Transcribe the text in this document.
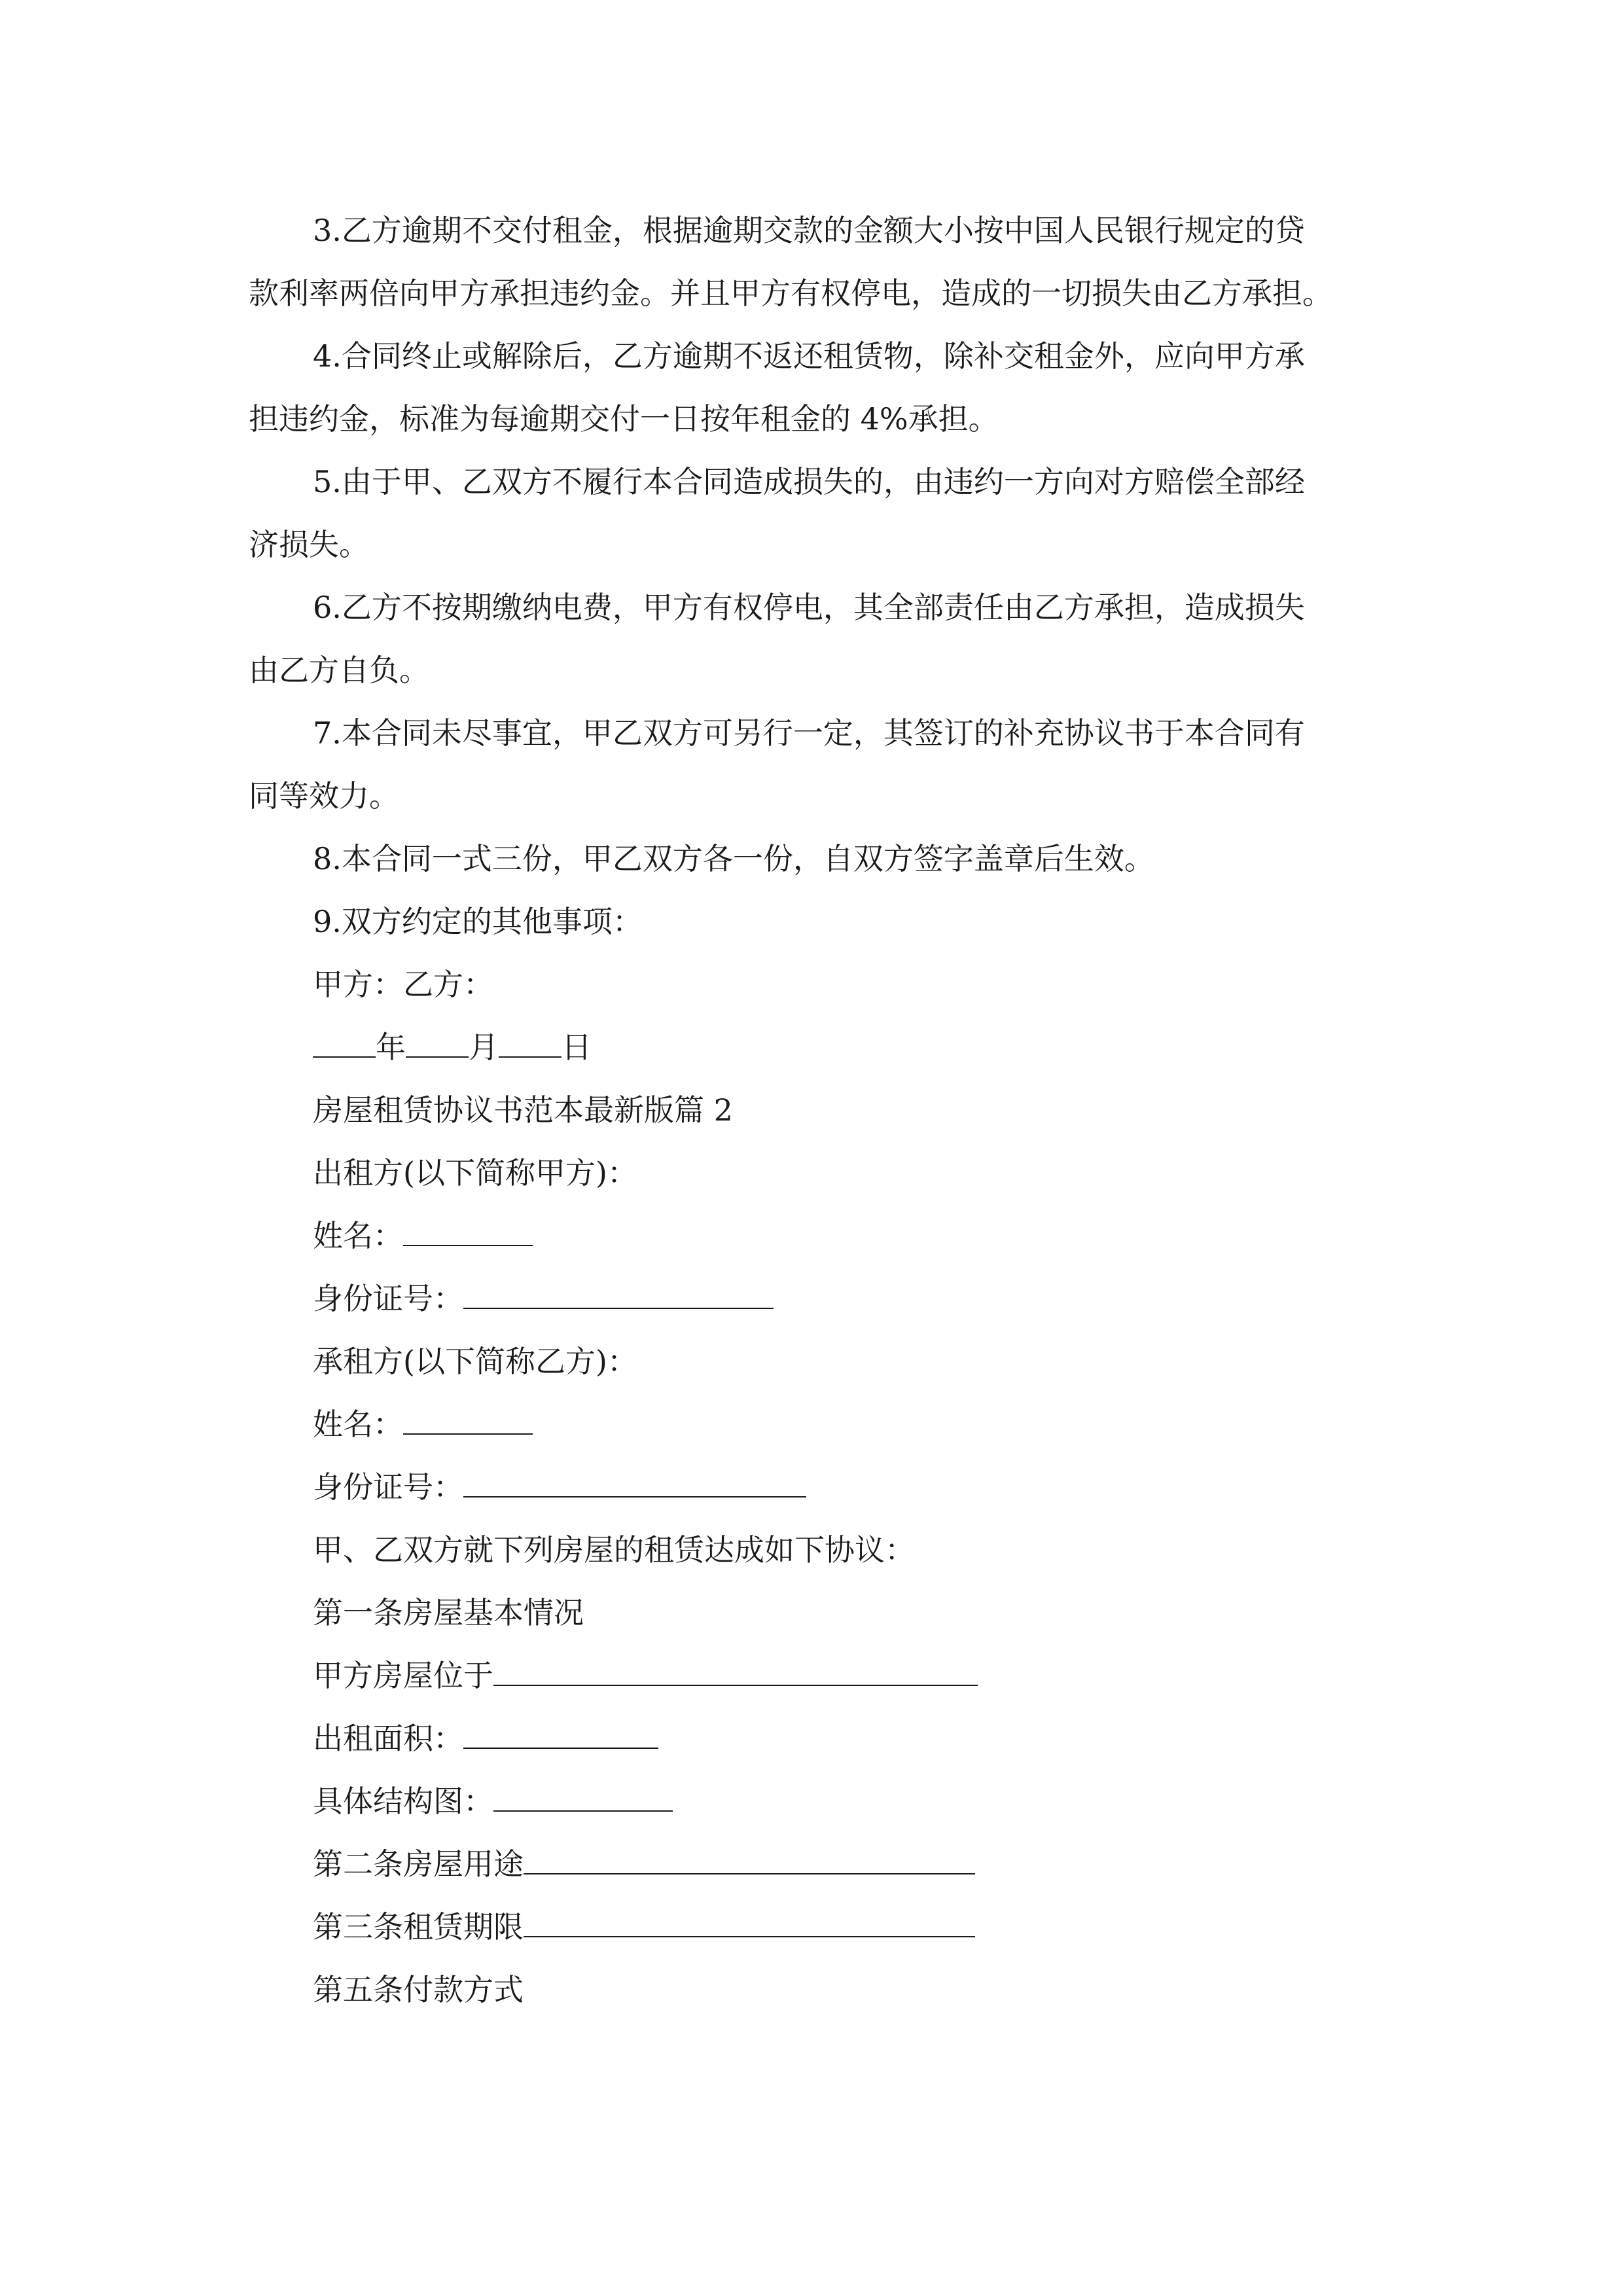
3.乙方逾期不交付租金，根据逾期交款的金额大小按中国人民银行规定的贷
款利率两倍向甲方承担违约金。并且甲方有权停电，造成的一切损失由乙方承担。
4.合同终止或解除后，乙方逾期不返还租赁物，除补交租金外，应向甲方承
担违约金，标准为每逾期交付一日按年租金的 4%承担。
5.由于甲、乙双方不履行本合同造成损失的，由违约一方向对方赔偿全部经
济损失。
6.乙方不按期缴纳电费，甲方有权停电，其全部责任由乙方承担，造成损失
由乙方自负。
7.本合同未尽事宜，甲乙双方可另行一定，其签订的补充协议书于本合同有
同等效力。
8.本合同一式三份，甲乙双方各一份，自双方签字盖章后生效。
9.双方约定的其他事项：
甲方：乙方：
年 月 日
房屋租赁协议书范本最新版篇 2
出租方(以下简称甲方)：
姓名：
身份证号：
承租方(以下简称乙方)：
姓名：
身份证号：
甲、乙双方就下列房屋的租赁达成如下协议：
第一条房屋基本情况
甲方房屋位于
出租面积：
具体结构图：
第二条房屋用途
第三条租赁期限
第五条付款方式
